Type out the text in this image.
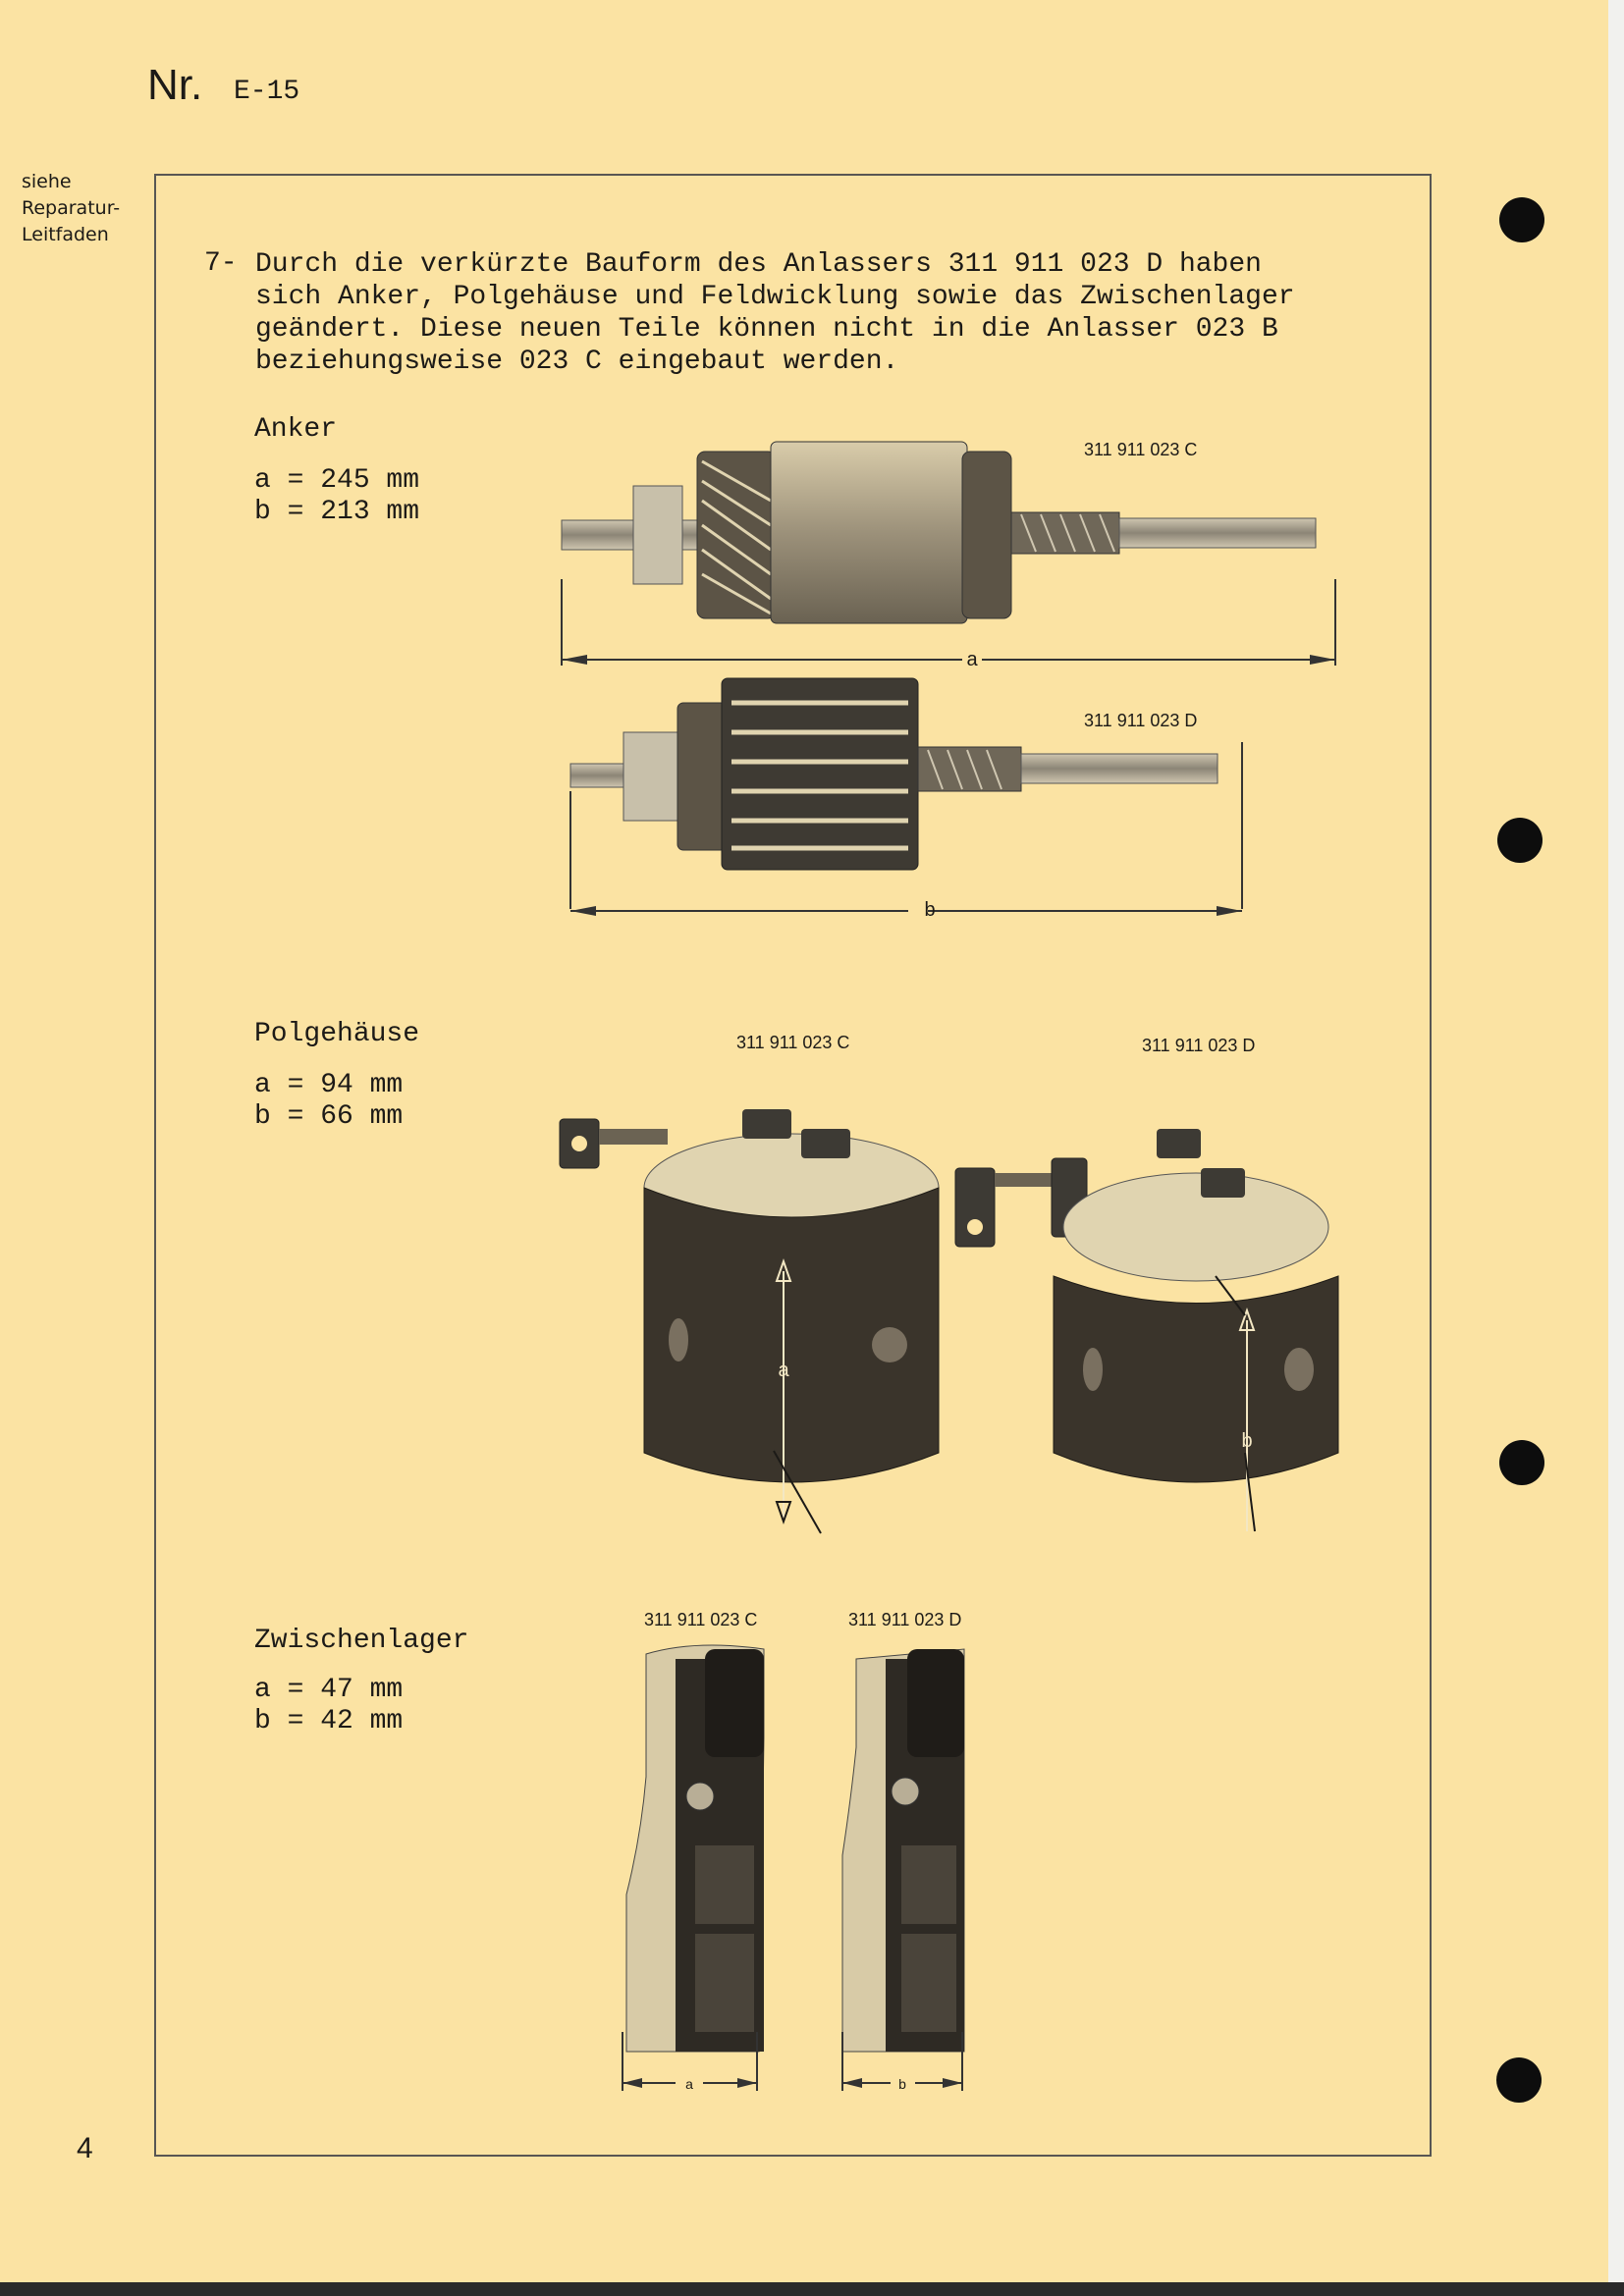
Nr. E-15
siehe
Reparatur-
Leitfaden
7- Durch die verkürzte Bauform des Anlassers 311 911 023 D haben
sich Anker, Polgehäuse und Feldwicklung sowie das Zwischenlager
geändert. Diese neuen Teile können nicht in die Anlasser 023 B
beziehungsweise 023 C eingebaut werden.
Anker
a = 245 mm
b = 213 mm
311 911 023 C
311 911 023 D
a
b
Polgehäuse
a = 94 mm
b = 66 mm
311 911 023 C	311 911 023 D
a
b
Zwischenlager
a = 47 mm
b = 42 mm
311 911 023 C	311 911 023 D
a	b
4
